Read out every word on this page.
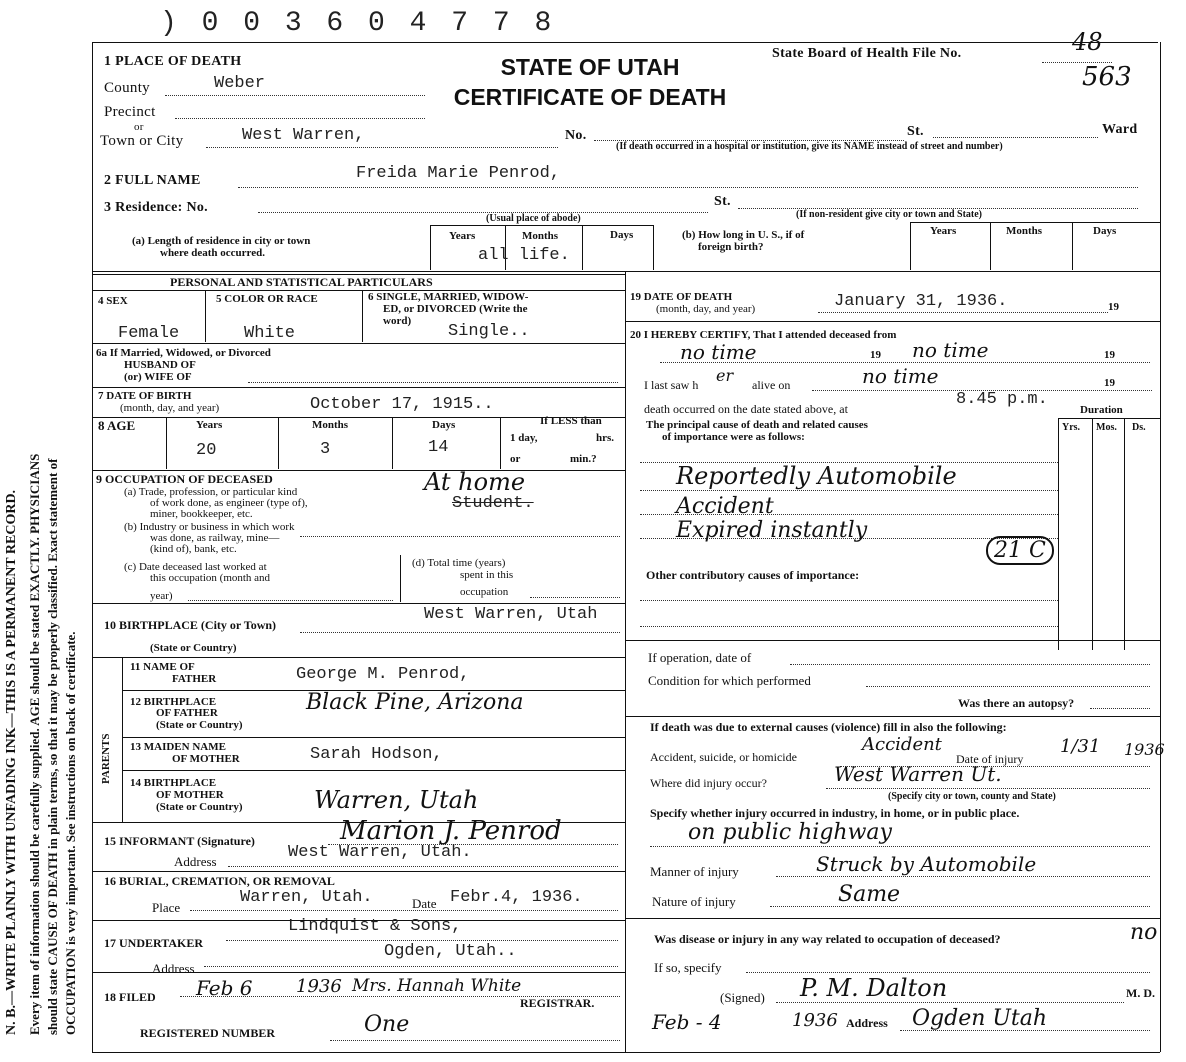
N. B.—WRITE PLAINLY WITH UNFADING INK—THIS IS A PERMANENT RECORD. Every item of information should be carefully supplied. AGE should be stated EXACTLY. PHYSICIANS should state CAUSE OF DEATH in plain terms, so that it may be properly classified. Exact statement of OCCUPATION is very important. See instructions on back of certificate.
) 0 0 3 6 0 4 7 7 8
State Board of Health File No.	48
563
STATE OF UTAH
CERTIFICATE OF DEATH
1 PLACE OF DEATH
County	Weber
Precinct
or
Town or City	West Warren,	No.	St.	Ward
(If death occurred in a hospital or institution, give its NAME instead of street and number)
2 FULL NAME	Freida Marie Penrod,
3 Residence: No.	St.
(Usual place of abode)	(If non-resident give city or town and State)
(a) Length of residence in city or town
where death occurred.
Years	Months	Days
all life.
(b) How long in U. S., if of
foreign birth?
Years	Months	Days
PERSONAL AND STATISTICAL PARTICULARS
4 SEX
Female
5 COLOR OR RACE
White
6 SINGLE, MARRIED, WIDOW-
ED, or DIVORCED (Write the
word)
Single..
6a If Married, Widowed, or Divorced
HUSBAND OF
(or) WIFE OF
7 DATE OF BIRTH
(month, day, and year)	October 17, 1915..
8 AGE	Years	Months	Days
20	3	14
If LESS than
1 day,	hrs.
or	min.?
9 OCCUPATION OF DECEASED
(a) Trade, profession, or particular kind
of work done, as engineer (type of),
miner, bookkeeper, etc.
At home
Student.
(b) Industry or business in which work
was done, as railway, mine—
(kind of), bank, etc.
(c) Date deceased last worked at
this occupation (month and
year)
(d) Total time (years)
spent in this
occupation
10 BIRTHPLACE (City or Town)
West Warren, Utah
(State or Country)
PARENTS
11 NAME OF
FATHER	George M. Penrod,
12 BIRTHPLACE
OF FATHER
(State or Country)
Black Pine, Arizona
13 MAIDEN NAME
OF MOTHER	Sarah Hodson,
14 BIRTHPLACE
OF MOTHER
(State or Country)	Warren, Utah
15 INFORMANT (Signature)	Marion J. Penrod
Address	West Warren, Utah.
16 BURIAL, CREMATION, OR REMOVAL
Place
Warren, Utah.	Date Febr.4, 1936.
17 UNDERTAKER
Lindquist & Sons,
Address
Ogden, Utah..
18 FILED Feb 6 1936 Mrs. Hannah White
REGISTRAR.
REGISTERED NUMBER	One
19 DATE OF DEATH
(month, day, and year)	January 31, 1936.	19
20 I HEREBY CERTIFY, That I attended deceased from
no time	19 no time	19
I last saw h er alive on	no time	19
death occurred on the date stated above, at	8.45 p.m.
Duration
The principal cause of death and related causes
of importance were as follows:
Yrs. Mos. Ds.
Reportedly Automobile
Accident
Expired instantly
21 C
Other contributory causes of importance:
If operation, date of
Condition for which performed
Was there an autopsy?
If death was due to external causes (violence) fill in also the following:
Accident, suicide, or homicide
Accident
Date of injury
1/31 1936
Where did injury occur?	West Warren Ut.
(Specify city or town, county and State)
Specify whether injury occurred in industry, in home, or in public place.
on public highway
Manner of injury	Struck by Automobile
Nature of injury	Same
Was disease or injury in any way related to occupation of deceased?	no
If so, specify
(Signed) P. M. Dalton	M. D.
Feb - 4	1936 Address Ogden Utah
